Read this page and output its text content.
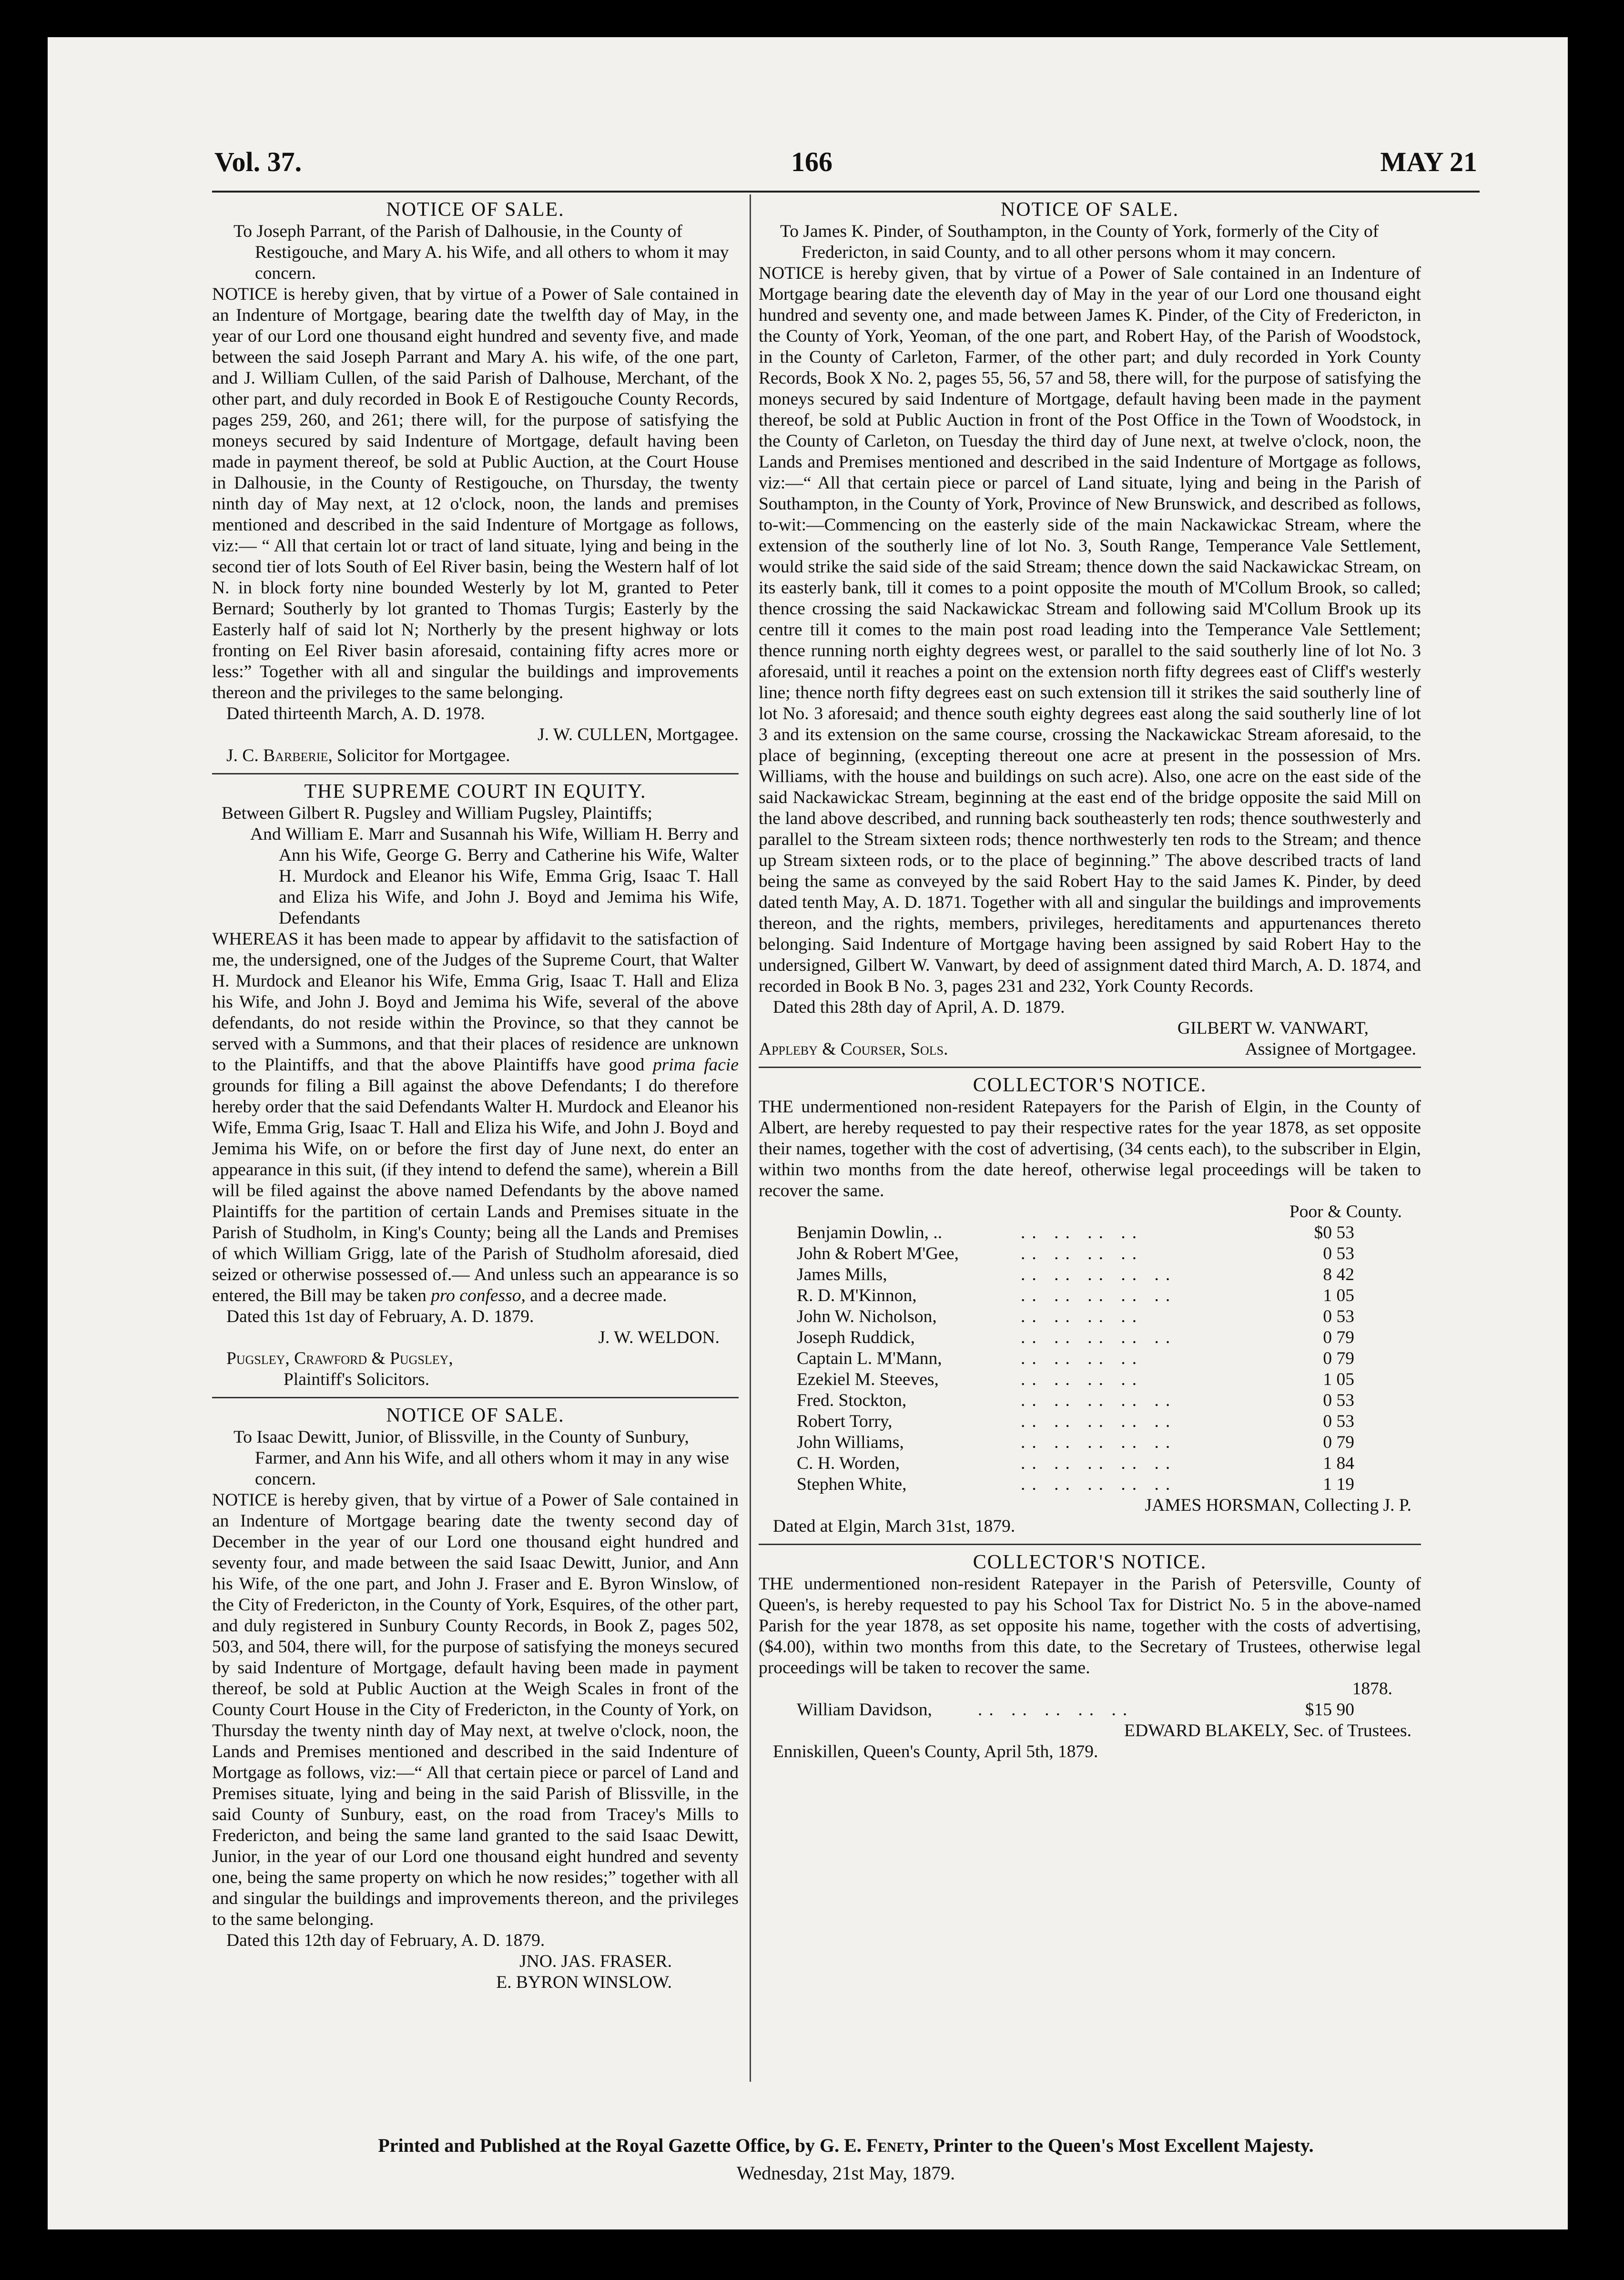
Vol. 37.	166	MAY 21

NOTICE OF SALE.

To Joseph Parrant, of the Parish of Dalhousie, in the County of Restigouche, and Mary A. his Wife, and all others to whom it may concern.

NOTICE is hereby given, that by virtue of a Power of Sale contained in an Indenture of Mortgage, bearing date the twelfth day of May, in the year of our Lord one thousand eight hundred and seventy five, and made between the said Joseph Parrant and Mary A. his wife, of the one part, and J. William Cullen, of the said Parish of Dalhouse, Merchant, of the other part, and duly recorded in Book E of Restigouche County Records, pages 259, 260, and 261; there will, for the purpose of satisfying the moneys secured by said Indenture of Mortgage, default having been made in payment thereof, be sold at Public Auction, at the Court House in Dalhousie, in the County of Restigouche, on Thursday, the twenty ninth day of May next, at 12 o'clock, noon, the lands and premises mentioned and described in the said Indenture of Mortgage as follows, viz:— “ All that certain lot or tract of land situate, lying and being in the second tier of lots South of Eel River basin, being the Western half of lot N. in block forty nine bounded Westerly by lot M, granted to Peter Bernard; Southerly by lot granted to Thomas Turgis; Easterly by the Easterly half of said lot N; Northerly by the present highway or lots fronting on Eel River basin aforesaid, containing fifty acres more or less:” Together with all and singular the buildings and improvements thereon and the privileges to the same belonging.

Dated thirteenth March, A. D. 1978.

J. W. CULLEN, Mortgagee.

J. C. Barberie, Solicitor for Mortgagee.

THE SUPREME COURT IN EQUITY.

Between Gilbert R. Pugsley and William Pugsley, Plaintiffs;

And William E. Marr and Susannah his Wife, William H. Berry and Ann his Wife, George G. Berry and Catherine his Wife, Walter H. Murdock and Eleanor his Wife, Emma Grig, Isaac T. Hall and Eliza his Wife, and John J. Boyd and Jemima his Wife, Defendants

WHEREAS it has been made to appear by affidavit to the satisfaction of me, the undersigned, one of the Judges of the Supreme Court, that Walter H. Murdock and Eleanor his Wife, Emma Grig, Isaac T. Hall and Eliza his Wife, and John J. Boyd and Jemima his Wife, several of the above defendants, do not reside within the Province, so that they cannot be served with a Summons, and that their places of residence are unknown to the Plaintiffs, and that the above Plaintiffs have good prima facie grounds for filing a Bill against the above Defendants; I do therefore hereby order that the said Defendants Walter H. Murdock and Eleanor his Wife, Emma Grig, Isaac T. Hall and Eliza his Wife, and John J. Boyd and Jemima his Wife, on or before the first day of June next, do enter an appearance in this suit, (if they intend to defend the same), wherein a Bill will be filed against the above named Defendants by the above named Plaintiffs for the partition of certain Lands and Premises situate in the Parish of Studholm, in King's County; being all the Lands and Premises of which William Grigg, late of the Parish of Studholm aforesaid, died seized or otherwise possessed of.— And unless such an appearance is so entered, the Bill may be taken pro confesso, and a decree made.

Dated this 1st day of February, A. D. 1879.

J. W. WELDON.

Pugsley, Crawford & Pugsley,

Plaintiff's Solicitors.

NOTICE OF SALE.

To Isaac Dewitt, Junior, of Blissville, in the County of Sunbury, Farmer, and Ann his Wife, and all others whom it may in any wise concern.

NOTICE is hereby given, that by virtue of a Power of Sale contained in an Indenture of Mortgage bearing date the twenty second day of December in the year of our Lord one thousand eight hundred and seventy four, and made between the said Isaac Dewitt, Junior, and Ann his Wife, of the one part, and John J. Fraser and E. Byron Winslow, of the City of Fredericton, in the County of York, Esquires, of the other part, and duly registered in Sunbury County Records, in Book Z, pages 502, 503, and 504, there will, for the purpose of satisfying the moneys secured by said Indenture of Mortgage, default having been made in payment thereof, be sold at Public Auction at the Weigh Scales in front of the County Court House in the City of Fredericton, in the County of York, on Thursday the twenty ninth day of May next, at twelve o'clock, noon, the Lands and Premises mentioned and described in the said Indenture of Mortgage as follows, viz:—“ All that certain piece or parcel of Land and Premises situate, lying and being in the said Parish of Blissville, in the said County of Sunbury, east, on the road from Tracey's Mills to Fredericton, and being the same land granted to the said Isaac Dewitt, Junior, in the year of our Lord one thousand eight hundred and seventy one, being the same property on which he now resides;” together with all and singular the buildings and improvements thereon, and the privileges to the same belonging.

Dated this 12th day of February, A. D. 1879.

JNO. JAS. FRASER.

E. BYRON WINSLOW.

NOTICE OF SALE.

To James K. Pinder, of Southampton, in the County of York, formerly of the City of Fredericton, in said County, and to all other persons whom it may concern.

NOTICE is hereby given, that by virtue of a Power of Sale contained in an Indenture of Mortgage bearing date the eleventh day of May in the year of our Lord one thousand eight hundred and seventy one, and made between James K. Pinder, of the City of Fredericton, in the County of York, Yeoman, of the one part, and Robert Hay, of the Parish of Woodstock, in the County of Carleton, Farmer, of the other part; and duly recorded in York County Records, Book X No. 2, pages 55, 56, 57 and 58, there will, for the purpose of satisfying the moneys secured by said Indenture of Mortgage, default having been made in the payment thereof, be sold at Public Auction in front of the Post Office in the Town of Woodstock, in the County of Carleton, on Tuesday the third day of June next, at twelve o'clock, noon, the Lands and Premises mentioned and described in the said Indenture of Mortgage as follows, viz:—“ All that certain piece or parcel of Land situate, lying and being in the Parish of Southampton, in the County of York, Province of New Brunswick, and described as follows, to-wit:—Commencing on the easterly side of the main Nackawickac Stream, where the extension of the southerly line of lot No. 3, South Range, Temperance Vale Settlement, would strike the said side of the said Stream; thence down the said Nackawickac Stream, on its easterly bank, till it comes to a point opposite the mouth of M'Collum Brook, so called; thence crossing the said Nackawickac Stream and following said M'Collum Brook up its centre till it comes to the main post road leading into the Temperance Vale Settlement; thence running north eighty degrees west, or parallel to the said southerly line of lot No. 3 aforesaid, until it reaches a point on the extension north fifty degrees east of Cliff's westerly line; thence north fifty degrees east on such extension till it strikes the said southerly line of lot No. 3 aforesaid; and thence south eighty degrees east along the said southerly line of lot 3 and its extension on the same course, crossing the Nackawickac Stream aforesaid, to the place of beginning, (excepting thereout one acre at present in the possession of Mrs. Williams, with the house and buildings on such acre). Also, one acre on the east side of the said Nackawickac Stream, beginning at the east end of the bridge opposite the said Mill on the land above described, and running back southeasterly ten rods; thence southwesterly and parallel to the Stream sixteen rods; thence northwesterly ten rods to the Stream; and thence up Stream sixteen rods, or to the place of beginning.” The above described tracts of land being the same as conveyed by the said Robert Hay to the said James K. Pinder, by deed dated tenth May, A. D. 1871. Together with all and singular the buildings and improvements thereon, and the rights, members, privileges, hereditaments and appurtenances thereto belonging. Said Indenture of Mortgage having been assigned by said Robert Hay to the undersigned, Gilbert W. Vanwart, by deed of assignment dated third March, A. D. 1874, and recorded in Book B No. 3, pages 231 and 232, York County Records.

Dated this 28th day of April, A. D. 1879.

GILBERT W. VANWART,

Appleby & Courser, Sols.	Assignee of Mortgagee.

COLLECTOR'S NOTICE.

THE undermentioned non-resident Ratepayers for the Parish of Elgin, in the County of Albert, are hereby requested to pay their respective rates for the year 1878, as set opposite their names, together with the cost of advertising, (34 cents each), to the subscriber in Elgin, within two months from the date hereof, otherwise legal proceedings will be taken to recover the same.

Poor & County.

Benjamin Dowlin, ..	.. .. .. ..	$0 53

John & Robert M'Gee,	.. .. .. ..	0 53

James Mills,	.. .. .. .. ..	8 42

R. D. M'Kinnon,	.. .. .. .. ..	1 05

John W. Nicholson,	.. .. .. ..	0 53

Joseph Ruddick,	.. .. .. .. ..	0 79

Captain L. M'Mann,	.. .. .. ..	0 79

Ezekiel M. Steeves,	.. .. .. ..	1 05

Fred. Stockton,	.. .. .. .. ..	0 53

Robert Torry,	.. .. .. .. ..	0 53

John Williams,	.. .. .. .. ..	0 79

C. H. Worden,	.. .. .. .. ..	1 84

Stephen White,	.. .. .. .. ..	1 19

JAMES HORSMAN, Collecting J. P.

Dated at Elgin, March 31st, 1879.

COLLECTOR'S NOTICE.

THE undermentioned non-resident Ratepayer in the Parish of Petersville, County of Queen's, is hereby requested to pay his School Tax for District No. 5 in the above-named Parish for the year 1878, as set opposite his name, together with the costs of advertising, ($4.00), within two months from this date, to the Secretary of Trustees, otherwise legal proceedings will be taken to recover the same.

1878.

William Davidson,	.. .. .. .. ..	$15 90

EDWARD BLAKELY, Sec. of Trustees.

Enniskillen, Queen's County, April 5th, 1879.

Printed and Published at the Royal Gazette Office, by G. E. Fenety, Printer to the Queen's Most Excellent Majesty.
Wednesday, 21st May, 1879.
